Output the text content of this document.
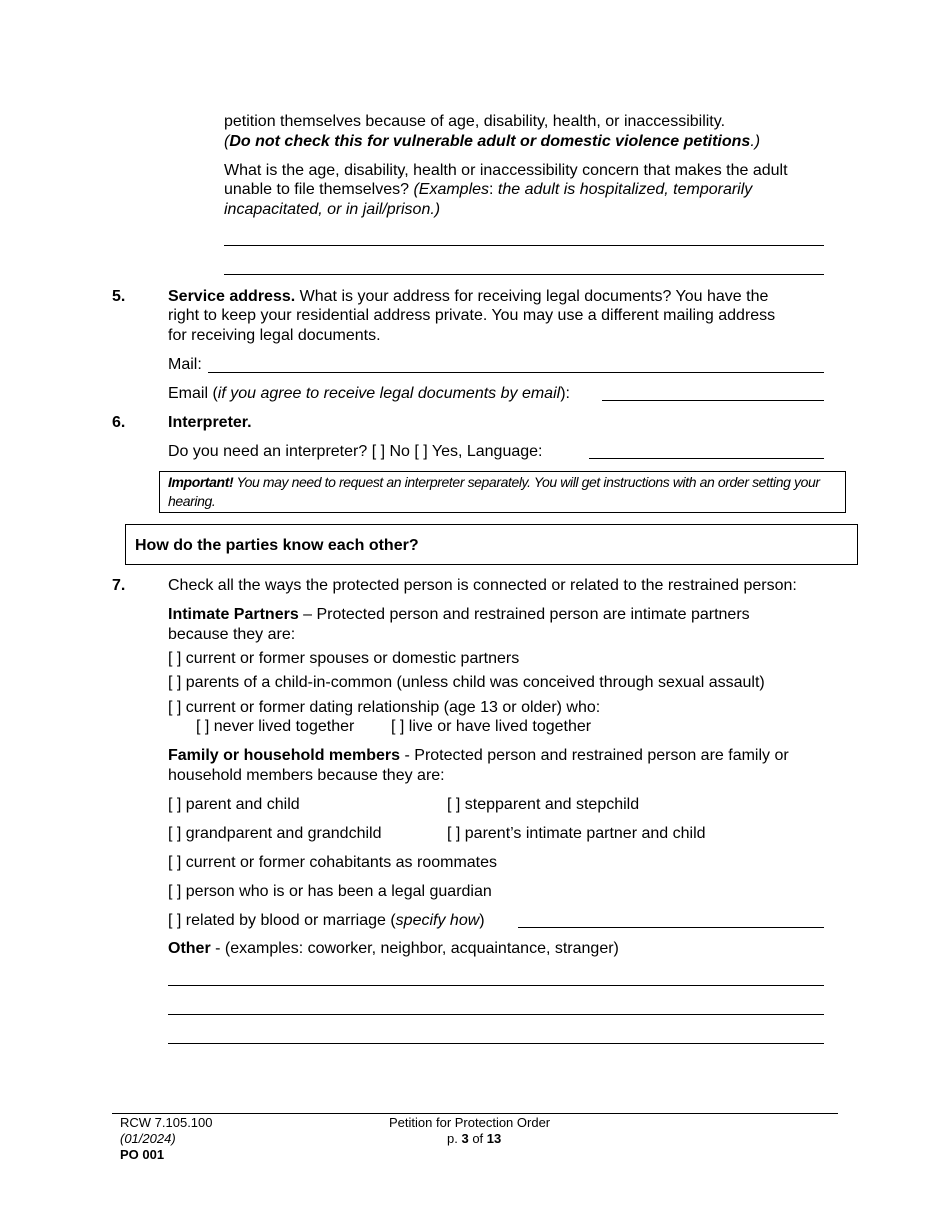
petition themselves because of age, disability, health, or inaccessibility.
(Do not check this for vulnerable adult or domestic violence petitions.)
What is the age, disability, health or inaccessibility concern that makes the adult
unable to file themselves? (Examples: the adult is hospitalized, temporarily
incapacitated, or in jail/prison.)
5.	Service address. What is your address for receiving legal documents? You have the
right to keep your residential address private. You may use a different mailing address
for receiving legal documents.
Mail:
Email (if you agree to receive legal documents by email):
6.	Interpreter.
Do you need an interpreter? [ ] No [ ] Yes, Language:
Important! You may need to request an interpreter separately. You will get instructions with an order setting your
hearing.
How do the parties know each other?
7.	Check all the ways the protected person is connected or related to the restrained person:
Intimate Partners – Protected person and restrained person are intimate partners
because they are:
[ ] current or former spouses or domestic partners
[ ] parents of a child-in-common (unless child was conceived through sexual assault)
[ ] current or former dating relationship (age 13 or older) who:
[ ] never lived together [ ] live or have lived together
Family or household members - Protected person and restrained person are family or
household members because they are:
[ ] parent and child	[ ] stepparent and stepchild
[ ] grandparent and grandchild	[ ] parent’s intimate partner and child
[ ] current or former cohabitants as roommates
[ ] person who is or has been a legal guardian
[ ] related by blood or marriage (specify how)
Other - (examples: coworker, neighbor, acquaintance, stranger)
RCW 7.105.100
(01/2024)
PO 001
Petition for Protection Order
p. 3 of 13
